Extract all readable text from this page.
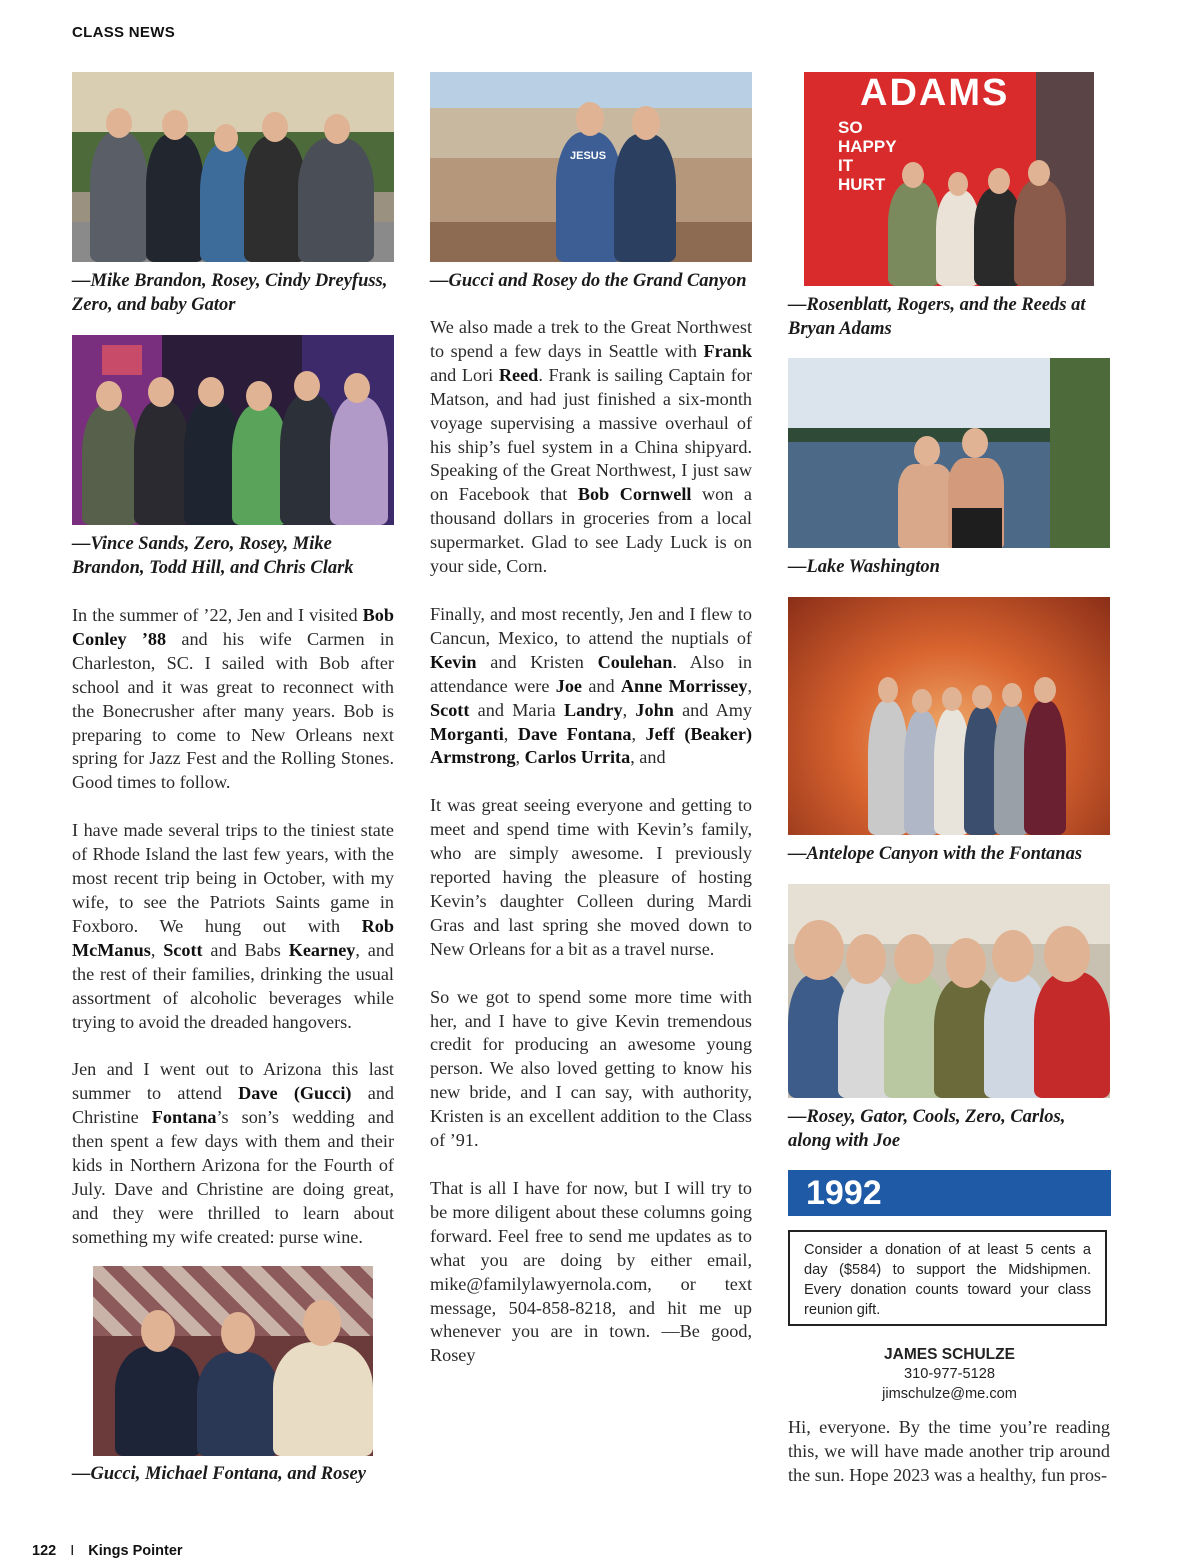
CLASS NEWS
—Mike Brandon, Rosey, Cindy Dreyfuss, Zero, and baby Gator
—Vince Sands, Zero, Rosey, Mike Brandon, Todd Hill, and Chris Clark

In the summer of ’22, Jen and I visited Bob Conley ’88 and his wife Carmen in Charleston, SC. I sailed with Bob after school and it was great to reconnect with the Bonecrusher after many years. Bob is preparing to come to New Orleans next spring for Jazz Fest and the Rolling Stones. Good times to follow.

I have made several trips to the tiniest state of Rhode Island the last few years, with the most recent trip being in October, with my wife, to see the Patriots Saints game in Foxboro. We hung out with Rob McManus, Scott and Babs Kearney, and the rest of their families, drinking the usual assortment of alcoholic beverages while trying to avoid the dreaded hangovers.

Jen and I went out to Arizona this last summer to attend Dave (Gucci) and Christine Fontana’s son’s wedding and then spent a few days with them and their kids in Northern Arizona for the Fourth of July. Dave and Christine are doing great, and they were thrilled to learn about something my wife created: purse wine.

—Gucci, Michael Fontana, and Rosey
JESUS
—Gucci and Rosey do the Grand Canyon

We also made a trek to the Great Northwest to spend a few days in Seattle with Frank and Lori Reed. Frank is sailing Captain for Matson, and had just finished a six-month voyage supervising a massive overhaul of his ship’s fuel system in a China shipyard. Speaking of the Great Northwest, I just saw on Facebook that Bob Cornwell won a thousand dollars in groceries from a local supermarket. Glad to see Lady Luck is on your side, Corn.

Finally, and most recently, Jen and I flew to Cancun, Mexico, to attend the nuptials of Kevin and Kristen Coulehan. Also in attendance were Joe and Anne Morrissey, Scott and Maria Landry, John and Amy Morganti, Dave Fontana, Jeff (Beaker) Armstrong, Carlos Urrita, and

It was great seeing everyone and getting to meet and spend time with Kevin’s family, who are simply awesome. I previously reported having the pleasure of hosting Kevin’s daughter Colleen during Mardi Gras and last spring she moved down to New Orleans for a bit as a travel nurse.

So we got to spend some more time with her, and I have to give Kevin tremendous credit for producing an awesome young person. We also loved getting to know his new bride, and I can say, with authority, Kristen is an excellent addition to the Class of ’91.

That is all I have for now, but I will try to be more diligent about these columns going forward. Feel free to send me updates as to what you are doing by either email, mike@familylawyernola.com, or text message, 504-858-8218, and hit me up whenever you are in town. —Be good, Rosey

ADAMS
SO
HAPPY
IT
HURT
—Rosenblatt, Rogers, and the Reeds at Bryan Adams
—Lake Washington
—Antelope Canyon with the Fontanas
—Rosey, Gator, Cools, Zero, Carlos, along with Joe
1992
Consider a donation of at least 5 cents a day ($584) to support the Midshipmen. Every donation counts toward your class reunion gift.
JAMES SCHULZE
310-977-5128
jimschulze@me.com
Hi, everyone. By the time you’re reading this, we will have made another trip around the sun. Hope 2023 was a healthy, fun pros-
122 I Kings Pointer
